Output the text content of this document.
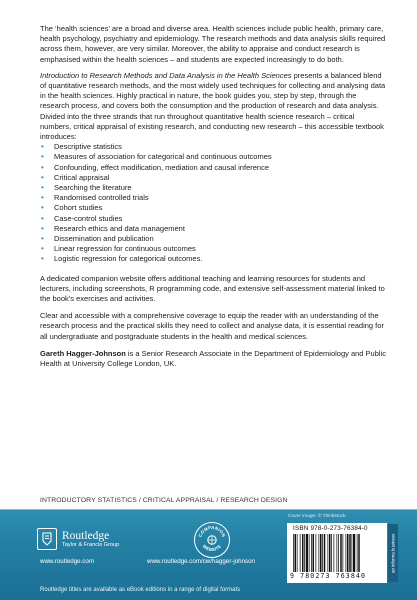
The ‘health sciences’ are a broad and diverse area. Health sciences include public health, primary care, health psychology, psychiatry and epidemiology. The research methods and data analysis skills required across them, however, are very similar. Moreover, the ability to appraise and conduct research is emphasised within the health sciences – and students are expected increasingly to do both.

Introduction to Research Methods and Data Analysis in the Health Sciences presents a balanced blend of quantitative research methods, and the most widely used techniques for collecting and analysing data in the health sciences. Highly practical in nature, the book guides you, step by step, through the research process, and covers both the consumption and the production of research and data analysis. Divided into the three strands that run throughout quantitative health science research – critical numbers, critical appraisal of existing research, and conducting new research – this accessible textbook introduces:

• Descriptive statistics
• Measures of association for categorical and continuous outcomes
• Confounding, effect modification, mediation and causal inference
• Critical appraisal
• Searching the literature
• Randomised controlled trials
• Cohort studies
• Case-control studies
• Research ethics and data management
• Dissemination and publication
• Linear regression for continuous outcomes
• Logistic regression for categorical outcomes.

A dedicated companion website offers additional teaching and learning resources for students and lecturers, including screenshots, R programming code, and extensive self-assessment material linked to the book’s exercises and activities.

Clear and accessible with a comprehensive coverage to equip the reader with an understanding of the research process and the practical skills they need to collect and analyse data, it is essential reading for all undergraduate and postgraduate students in the health and medical sciences.

Gareth Hagger-Johnson is a Senior Research Associate in the Department of Epidemiology and Public Health at University College London, UK.

INTRODUCTORY STATISTICS / CRITICAL APPRAISAL / RESEARCH DESIGN
Routledge
Taylor & Francis Group
www.routledge.com
COMPANION
WEBSITE
www.routledge.com/cw/hagger-johnson
Cover image: © Thinkstock
ISBN 978-0-273-76384-0
9 780273 763840
an informa business
Routledge titles are available as eBook editions in a range of digital formats
